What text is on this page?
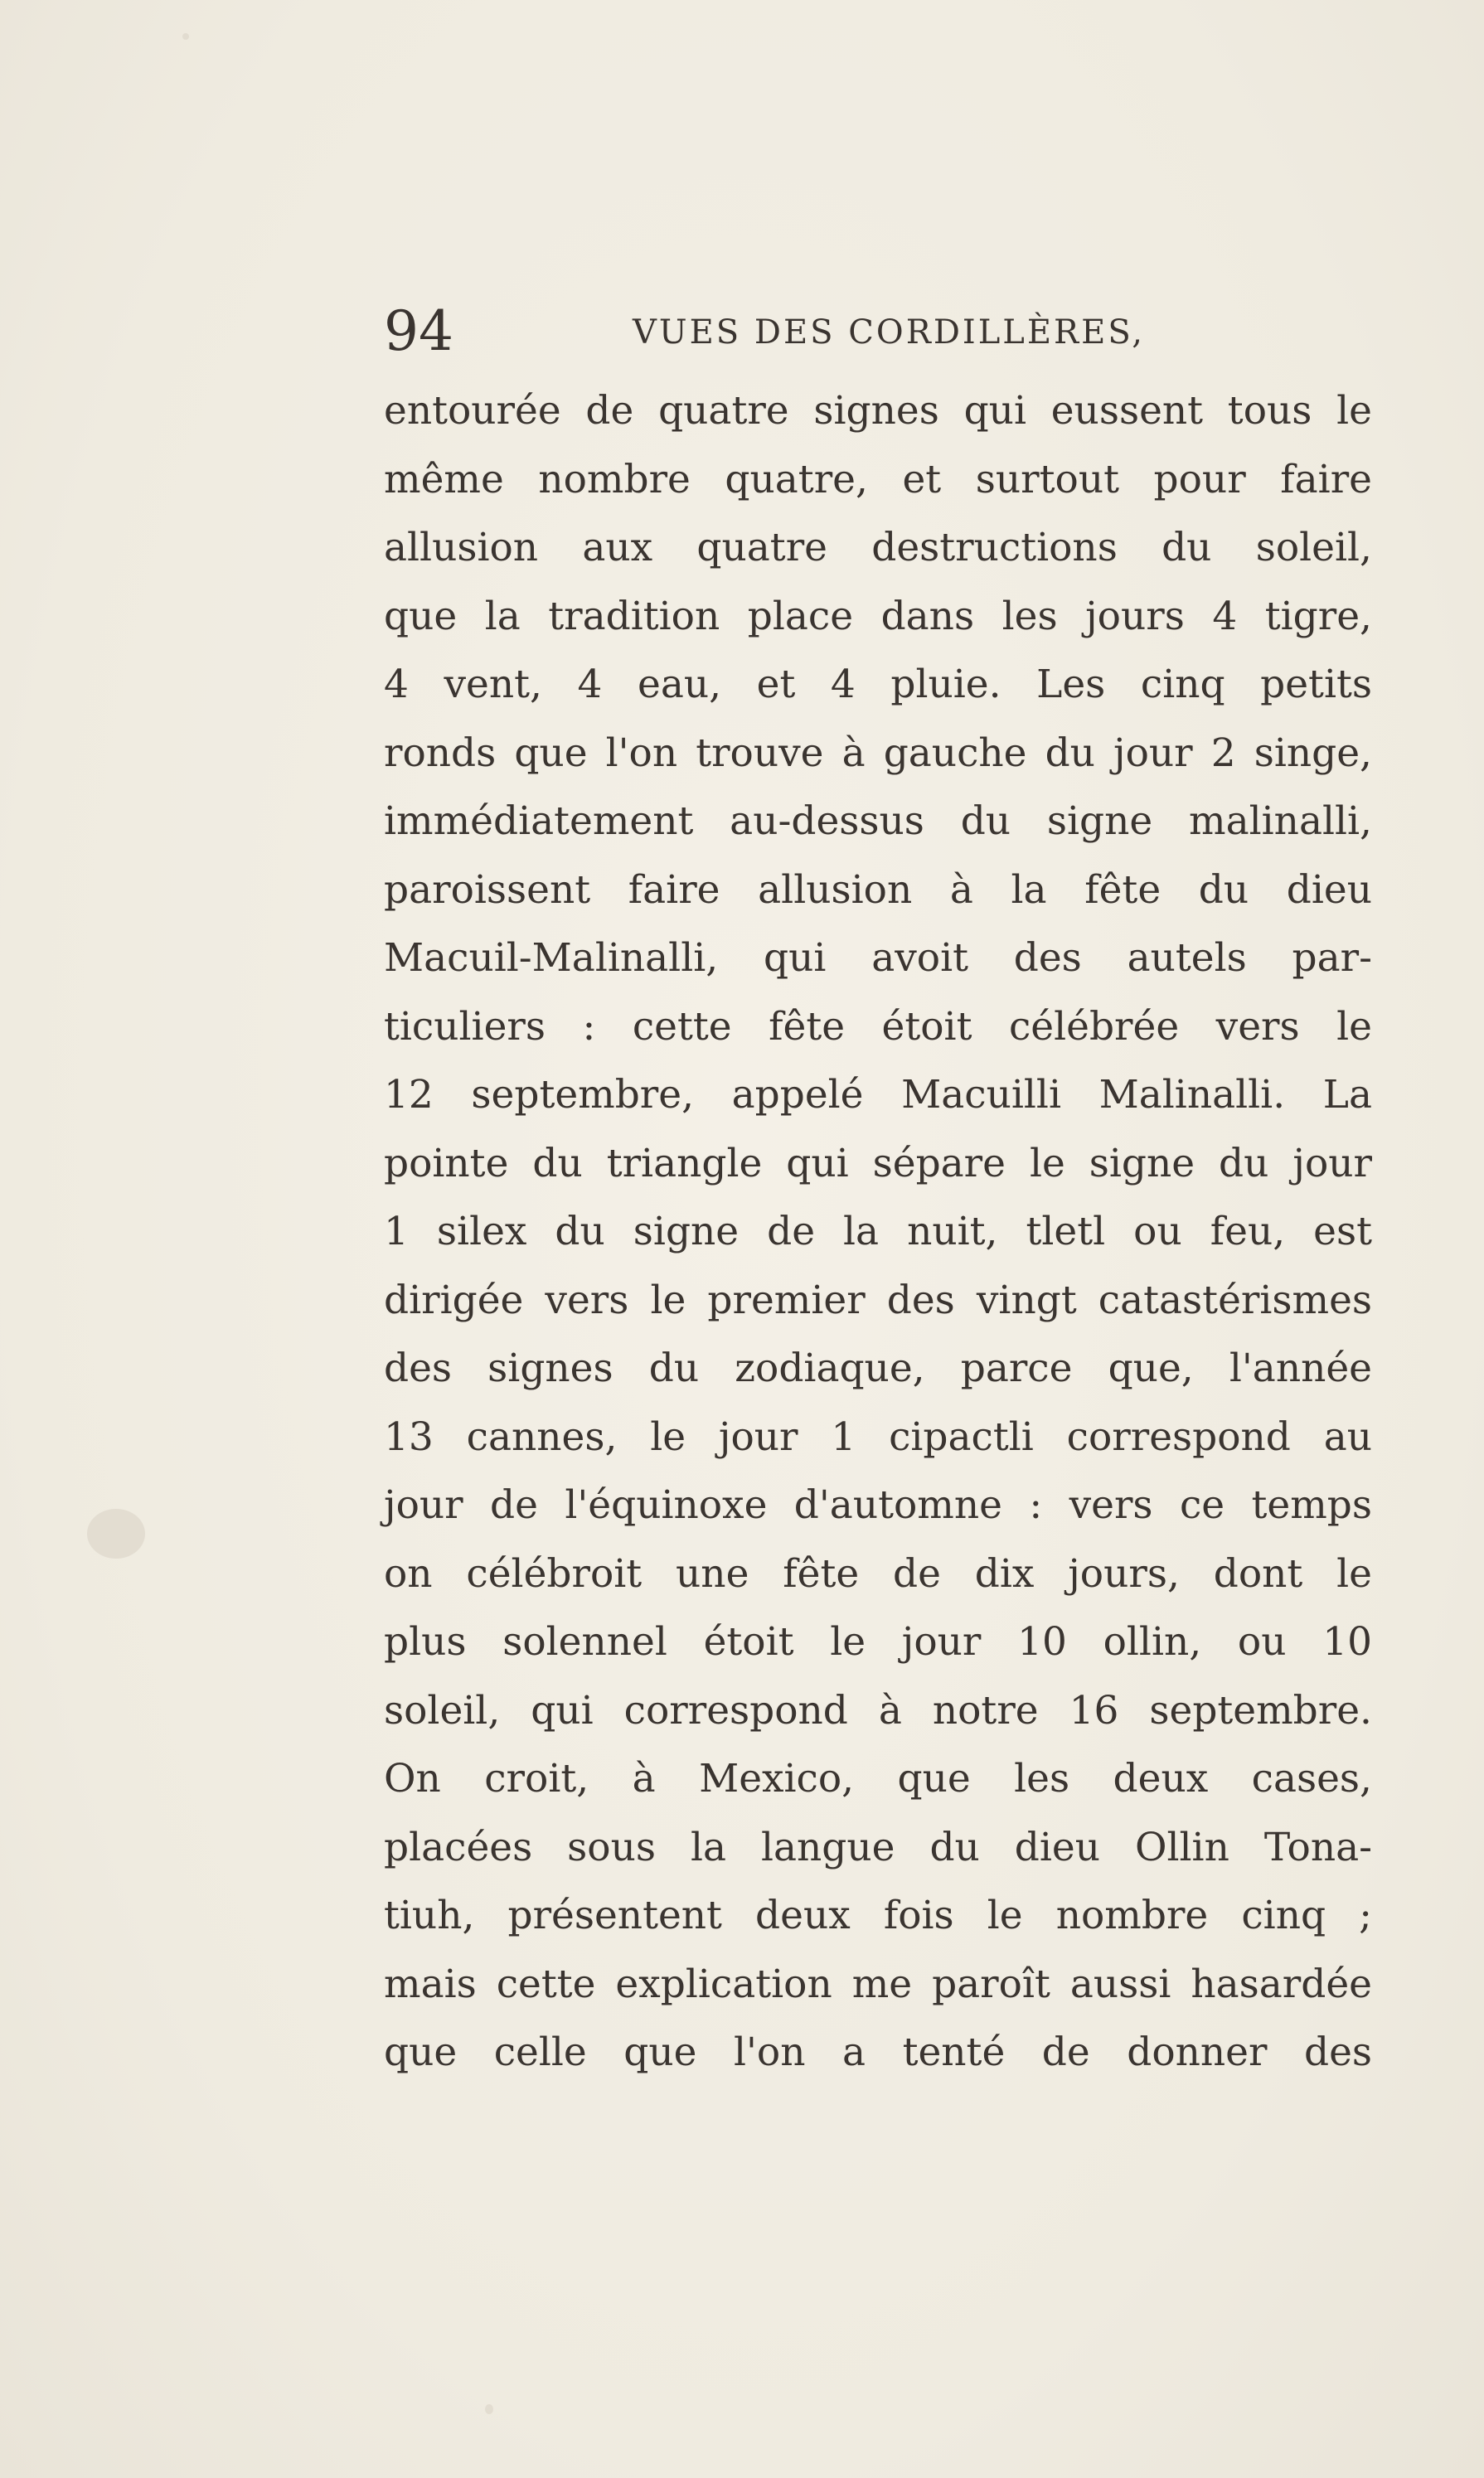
94	VUES DES CORDILLÈRES,
entourée de quatre signes qui eussent tous le
même nombre quatre, et surtout pour faire
allusion aux quatre destructions du soleil,
que la tradition place dans les jours 4 tigre,
4 vent, 4 eau, et 4 pluie. Les cinq petits
ronds que l'on trouve à gauche du jour 2 singe,
immédiatement au-dessus du signe malinalli,
paroissent faire allusion à la fête du dieu
Macuil-Malinalli, qui avoit des autels par-
ticuliers : cette fête étoit célébrée vers le
12 septembre, appelé Macuilli Malinalli. La
pointe du triangle qui sépare le signe du jour
1 silex du signe de la nuit, tletl ou feu, est
dirigée vers le premier des vingt catastérismes
des signes du zodiaque, parce que, l'année
13 cannes, le jour 1 cipactli correspond au
jour de l'équinoxe d'automne : vers ce temps
on célébroit une fête de dix jours, dont le
plus solennel étoit le jour 10 ollin, ou 10
soleil, qui correspond à notre 16 septembre.
On croit, à Mexico, que les deux cases,
placées sous la langue du dieu Ollin Tona-
tiuh, présentent deux fois le nombre cinq ;
mais cette explication me paroît aussi hasardée
que celle que l'on a tenté de donner des
